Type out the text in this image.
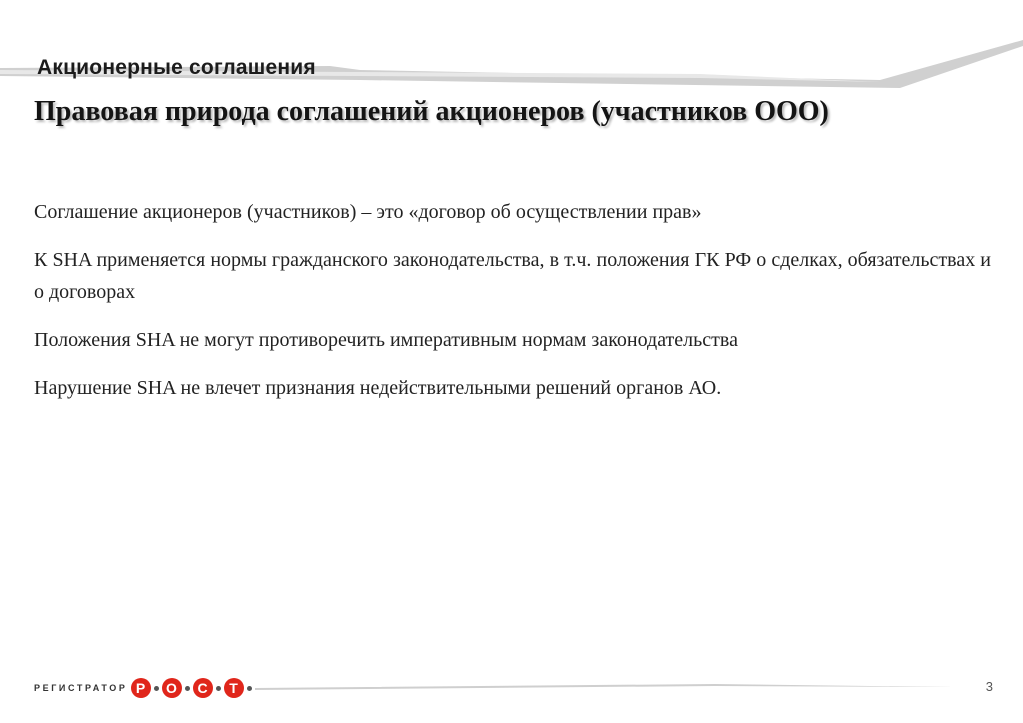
Акционерные соглашения
Правовая природа соглашений акционеров (участников ООО)

Соглашение акционеров (участников) – это «договор об осуществлении прав»

К SHA применяется нормы гражданского законодательства, в т.ч. положения ГК РФ о сделках, обязательствах и о договорах

Положения SHA не могут противоречить императивным нормам законодательства

Нарушение SHA не влечет признания недействительными решений органов АО.

РЕГИСТРАТОР Р	О	С	Т	3
